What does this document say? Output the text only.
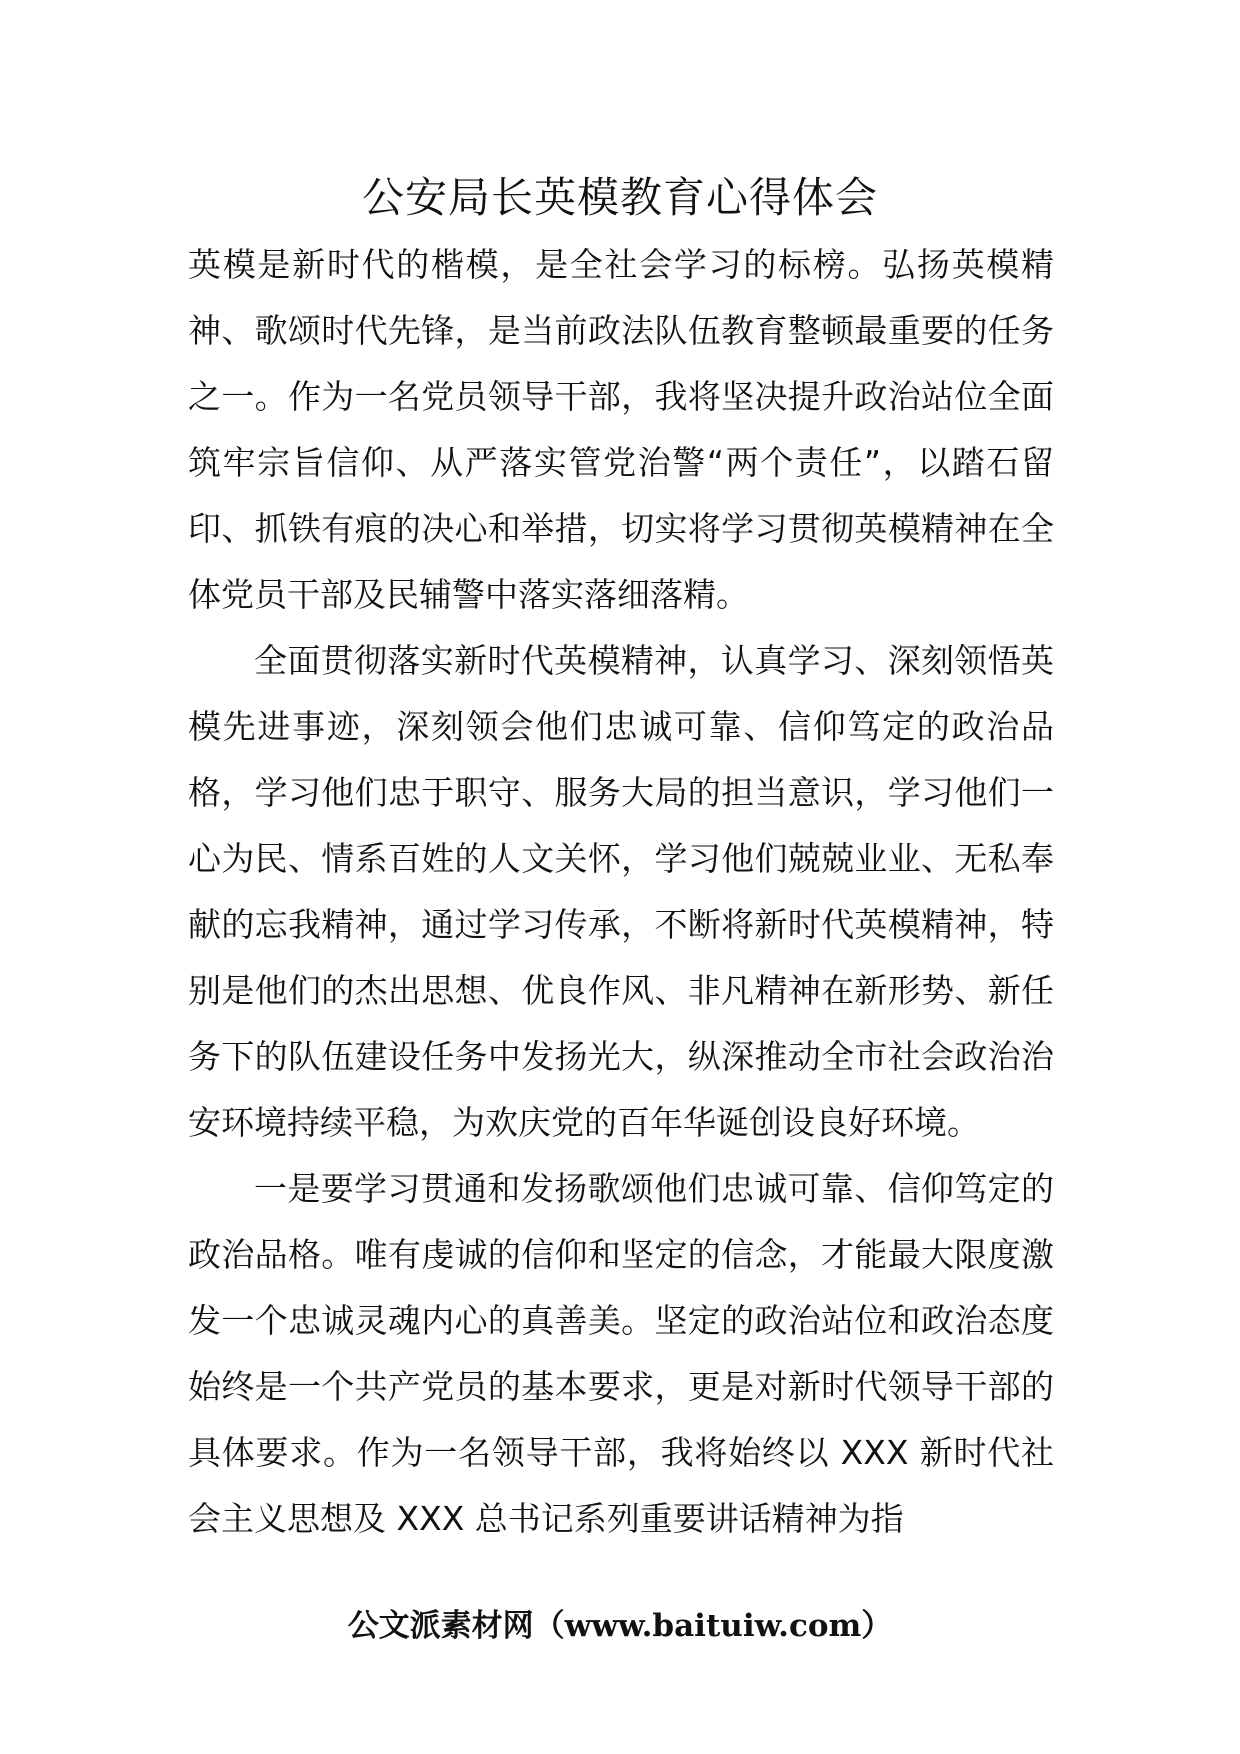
公安局长英模教育心得体会

英模是新时代的楷模，是全社会学习的标榜。弘扬英模精神、歌颂时代先锋，是当前政法队伍教育整顿最重要的任务之一。作为一名党员领导干部，我将坚决提升政治站位全面筑牢宗旨信仰、从严落实管党治警“两个责任”，以踏石留印、抓铁有痕的决心和举措，切实将学习贯彻英模精神在全体党员干部及民辅警中落实落细落精。

全面贯彻落实新时代英模精神，认真学习、深刻领悟英模先进事迹，深刻领会他们忠诚可靠、信仰笃定的政治品格，学习他们忠于职守、服务大局的担当意识，学习他们一心为民、情系百姓的人文关怀，学习他们兢兢业业、无私奉献的忘我精神，通过学习传承，不断将新时代英模精神，特别是他们的杰出思想、优良作风、非凡精神在新形势、新任务下的队伍建设任务中发扬光大，纵深推动全市社会政治治安环境持续平稳，为欢庆党的百年华诞创设良好环境。

一是要学习贯通和发扬歌颂他们忠诚可靠、信仰笃定的政治品格。唯有虔诚的信仰和坚定的信念，才能最大限度激发一个忠诚灵魂内心的真善美。坚定的政治站位和政治态度始终是一个共产党员的基本要求，更是对新时代领导干部的具体要求。作为一名领导干部，我将始终以 XXX 新时代社会主义思想及 XXX 总书记系列重要讲话精神为指

公文派素材网（www.baituiw.com）
